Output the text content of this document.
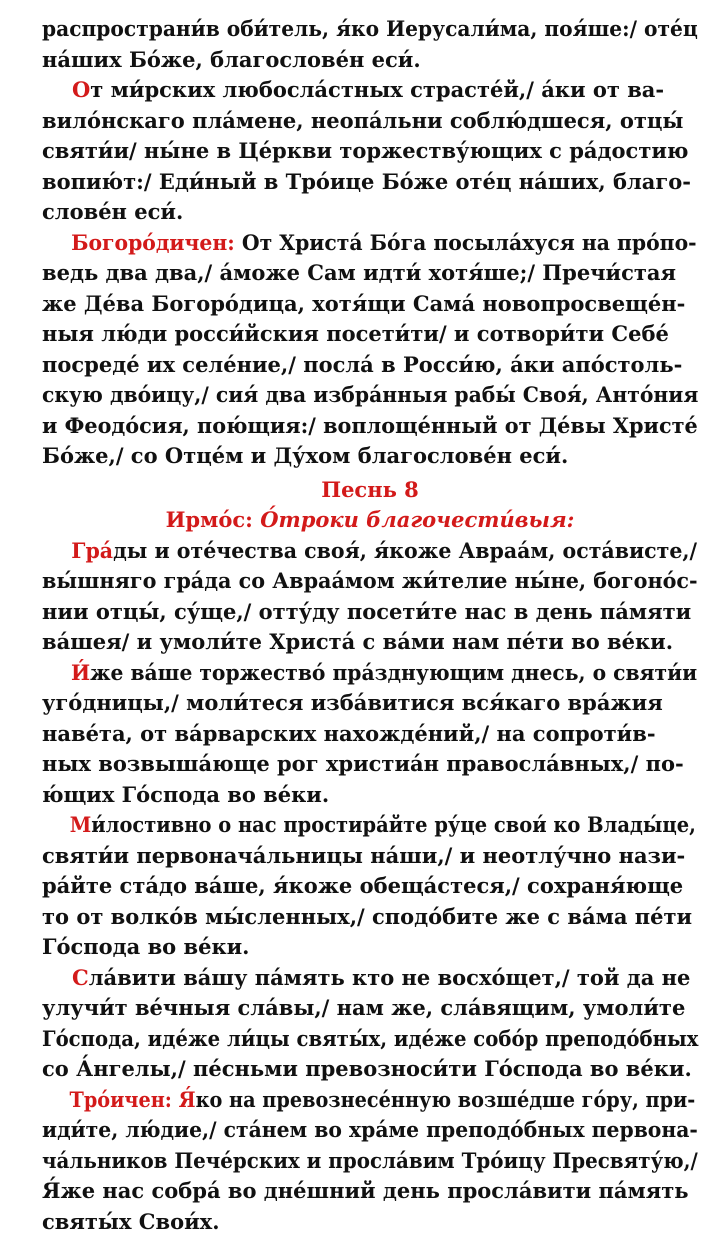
распространи́в оби́тель, я́ко Иерусали́ма, поя́ше:/ оте́ц
на́ших Бо́же, благослове́н еси́.

От ми́рских любосла́стных страсте́й,/ а́ки от ва-
вило́нскаго пла́мене, неопа́льни соблю́дшеся, отцы́
святи́и/ ны́не в Це́ркви торжеству́ющих с ра́достию
вопию́т:/ Еди́ный в Тро́ице Бо́же оте́ц на́ших, благо-
слове́н еси́.

Богоро́дичен: От Христа́ Бо́га посыла́хуся на про́по-
ведь два два,/ а́може Сам идти́ хотя́ше;/ Пречи́стая
же Де́ва Богоро́дица, хотя́щи Сама́ новопросвеще́н-
ныя лю́ди росси́йския посети́ти/ и сотвори́ти Себе́
посреде́ их селе́ние,/ посла́ в Росси́ю, а́ки апо́столь-
скую дво́ицу,/ сия́ два избра́нныя рабы́ Своя́, Анто́ния
и Феодо́сия, пою́щия:/ воплоще́нный от Де́вы Христе́
Бо́же,/ со Отце́м и Ду́хом благослове́н еси́.

Песнь 8

Ирмо́с: О́троки благочести́выя:

Гра́ды и оте́чества своя́, я́коже Авраа́м, оста́висте,/
вы́шняго гра́да со Авраа́мом жи́телие ны́не, богоно́с-
нии отцы́, су́ще,/ отту́ду посети́те нас в день па́мяти
ва́шея/ и умоли́те Христа́ с ва́ми нам пе́ти во ве́ки.

И́же ва́ше торжество́ пра́зднующим днесь, о святи́и
уго́дницы,/ моли́теся изба́витися вся́каго вра́жия
наве́та, от ва́рварских нахожде́ний,/ на сопроти́в-
ных возвыша́юще рог христиа́н правосла́вных,/ по-
ю́щих Го́спода во ве́ки.

Ми́лостивно о нас простира́йте ру́це свои́ ко Влады́це,
святи́и первонача́льницы на́ши,/ и неотлу́чно нази-
ра́йте ста́до ва́ше, я́коже обеща́стеся,/ сохраня́юще
то от волко́в мы́сленных,/ сподо́бите же с ва́ма пе́ти
Го́спода во ве́ки.

Сла́вити ва́шу па́мять кто не восхо́щет,/ той да не
улучи́т ве́чныя сла́вы,/ нам же, сла́вящим, умоли́те
Го́спода, иде́же ли́цы святы́х, иде́же собо́р преподо́бных
со А́нгелы,/ пе́сньми превозноси́ти Го́спода во ве́ки.

Тро́ичен: Я́ко на превознесе́нную возше́дше го́ру, при-
иди́те, лю́дие,/ ста́нем во хра́ме преподо́бных первона-
ча́льников Пече́рских и просла́вим Тро́ицу Пресвяту́ю,/
Я́же нас собра́ во дне́шний день просла́вити па́мять
святы́х Свои́х.
